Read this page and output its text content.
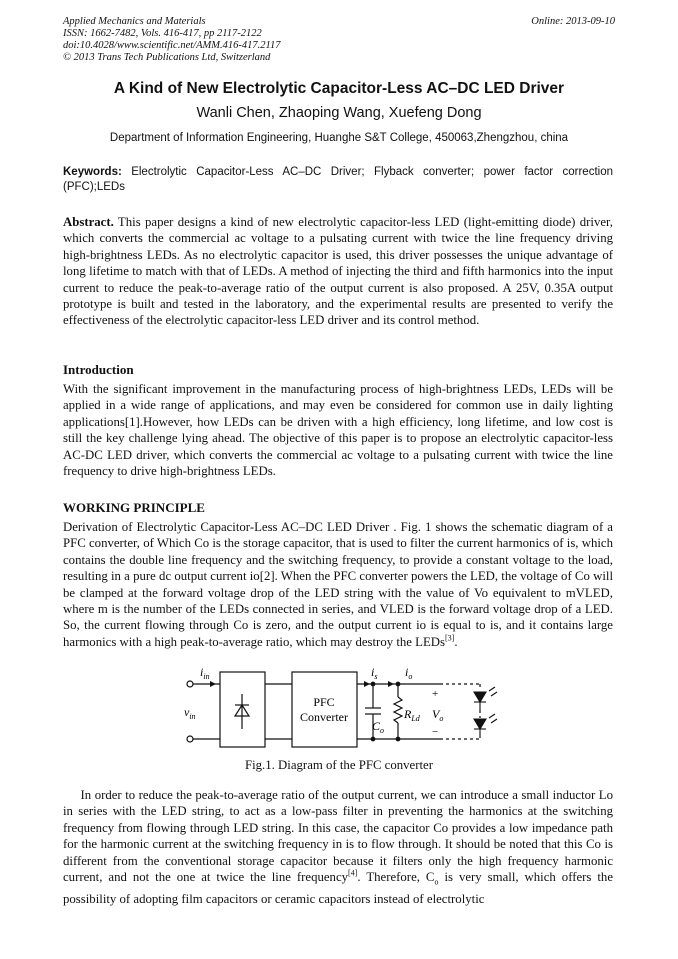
Applied Mechanics and Materials
ISSN: 1662-7482, Vols. 416-417, pp 2117-2122
doi:10.4028/www.scientific.net/AMM.416-417.2117
© 2013 Trans Tech Publications Ltd, Switzerland
Online: 2013-09-10
A Kind of New Electrolytic Capacitor-Less AC–DC LED Driver
Wanli Chen, Zhaoping Wang, Xuefeng Dong
Department of Information Engineering, Huanghe S&T College, 450063,Zhengzhou, china
Keywords: Electrolytic Capacitor-Less AC–DC Driver; Flyback converter; power factor correction (PFC);LEDs
Abstract. This paper designs a kind of new electrolytic capacitor-less LED (light-emitting diode) driver, which converts the commercial ac voltage to a pulsating current with twice the line frequency driving high-brightness LEDs. As no electrolytic capacitor is used, this driver possesses the unique advantage of long lifetime to match with that of LEDs. A method of injecting the third and fifth harmonics into the input current to reduce the peak-to-average ratio of the output current is also proposed. A 25V, 0.35A output prototype is built and tested in the laboratory, and the experimental results are presented to verify the effectiveness of the electrolytic capacitor-less LED driver and its control method.
Introduction
With the significant improvement in the manufacturing process of high-brightness LEDs, LEDs will be applied in a wide range of applications, and may even be considered for common use in daily lighting applications[1].However, how LEDs can be driven with a high efficiency, long lifetime, and low cost is still the key challenge lying ahead. The objective of this paper is to propose an electrolytic capacitor-less AC-DC LED driver, which converts the commercial ac voltage to a pulsating current with twice the line frequency to drive high-brightness LEDs.
WORKING PRINCIPLE
Derivation of Electrolytic Capacitor-Less AC–DC LED Driver . Fig. 1 shows the schematic diagram of a PFC converter, of Which Co is the storage capacitor, that is used to filter the current harmonics of is, which contains the double line frequency and the switching frequency, to provide a constant voltage to the load, resulting in a pure dc output current io[2]. When the PFC converter powers the LED, the voltage of Co will be clamped at the forward voltage drop of the LED string with the value of Vo equivalent to mVLED, where m is the number of the LEDs connected in series, and VLED is the forward voltage drop of a LED. So, the current flowing through Co is zero, and the output current io is equal to is, and it contains large harmonics with a high peak-to-average ratio, which may destroy the LEDs[3].
$i_{in}$
$v_{in}$
PFC
Converter
$i_s$ $i_o$
$C_o$
$R_{Ld}$ $V_o$
+
−
Fig.1. Diagram of the PFC converter
In order to reduce the peak-to-average ratio of the output current, we can introduce a small inductor Lo in series with the LED string, to act as a low-pass filter in preventing the harmonics at the switching frequency from flowing through LED string. In this case, the capacitor Co provides a low impedance path for the harmonic current at the switching frequency in is to flow through. It should be noted that this Co is different from the conventional storage capacitor because it filters only the high frequency harmonic current, and not the one at twice the line frequency[4]. Therefore, $C_o$ is very small, which offers the possibility of adopting film capacitors or ceramic capacitors instead of electrolytic
